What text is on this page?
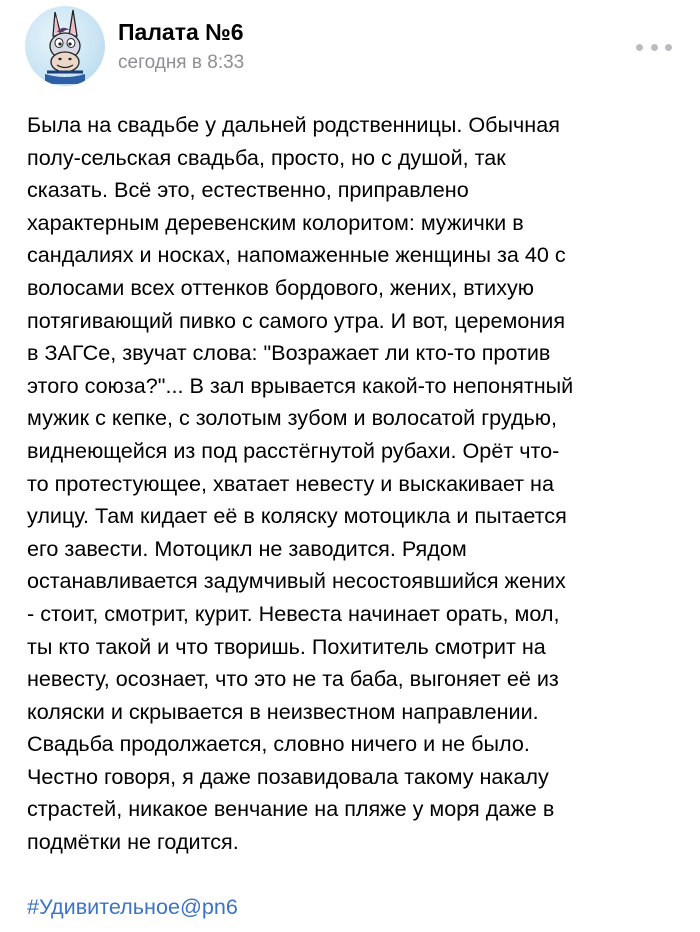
Палата №6
сегодня в 8:33
Была на свадьбе у дальней родственницы. Обычная
полу-сельская свадьба, просто, но с душой, так
сказать. Всё это, естественно, приправлено
характерным деревенским колоритом: мужички в
сандалиях и носках, напомаженные женщины за 40 с
волосами всех оттенков бордового, жених, втихую
потягивающий пивко с самого утра. И вот, церемония
в ЗАГСе, звучат слова: "Возражает ли кто-то против
этого союза?"... В зал врывается какой-то непонятный
мужик с кепке, с золотым зубом и волосатой грудью,
виднеющейся из под расстёгнутой рубахи. Орёт что-
то протестующее, хватает невесту и выскакивает на
улицу. Там кидает её в коляску мотоцикла и пытается
его завести. Мотоцикл не заводится. Рядом
останавливается задумчивый несостоявшийся жених
- стоит, смотрит, курит. Невеста начинает орать, мол,
ты кто такой и что творишь. Похититель смотрит на
невесту, осознает, что это не та баба, выгоняет её из
коляски и скрывается в неизвестном направлении.
Свадьба продолжается, словно ничего и не было.
Честно говоря, я даже позавидовала такому накалу
страстей, никакое венчание на пляже у моря даже в
подмётки не годится.
#Удивительное@pn6
